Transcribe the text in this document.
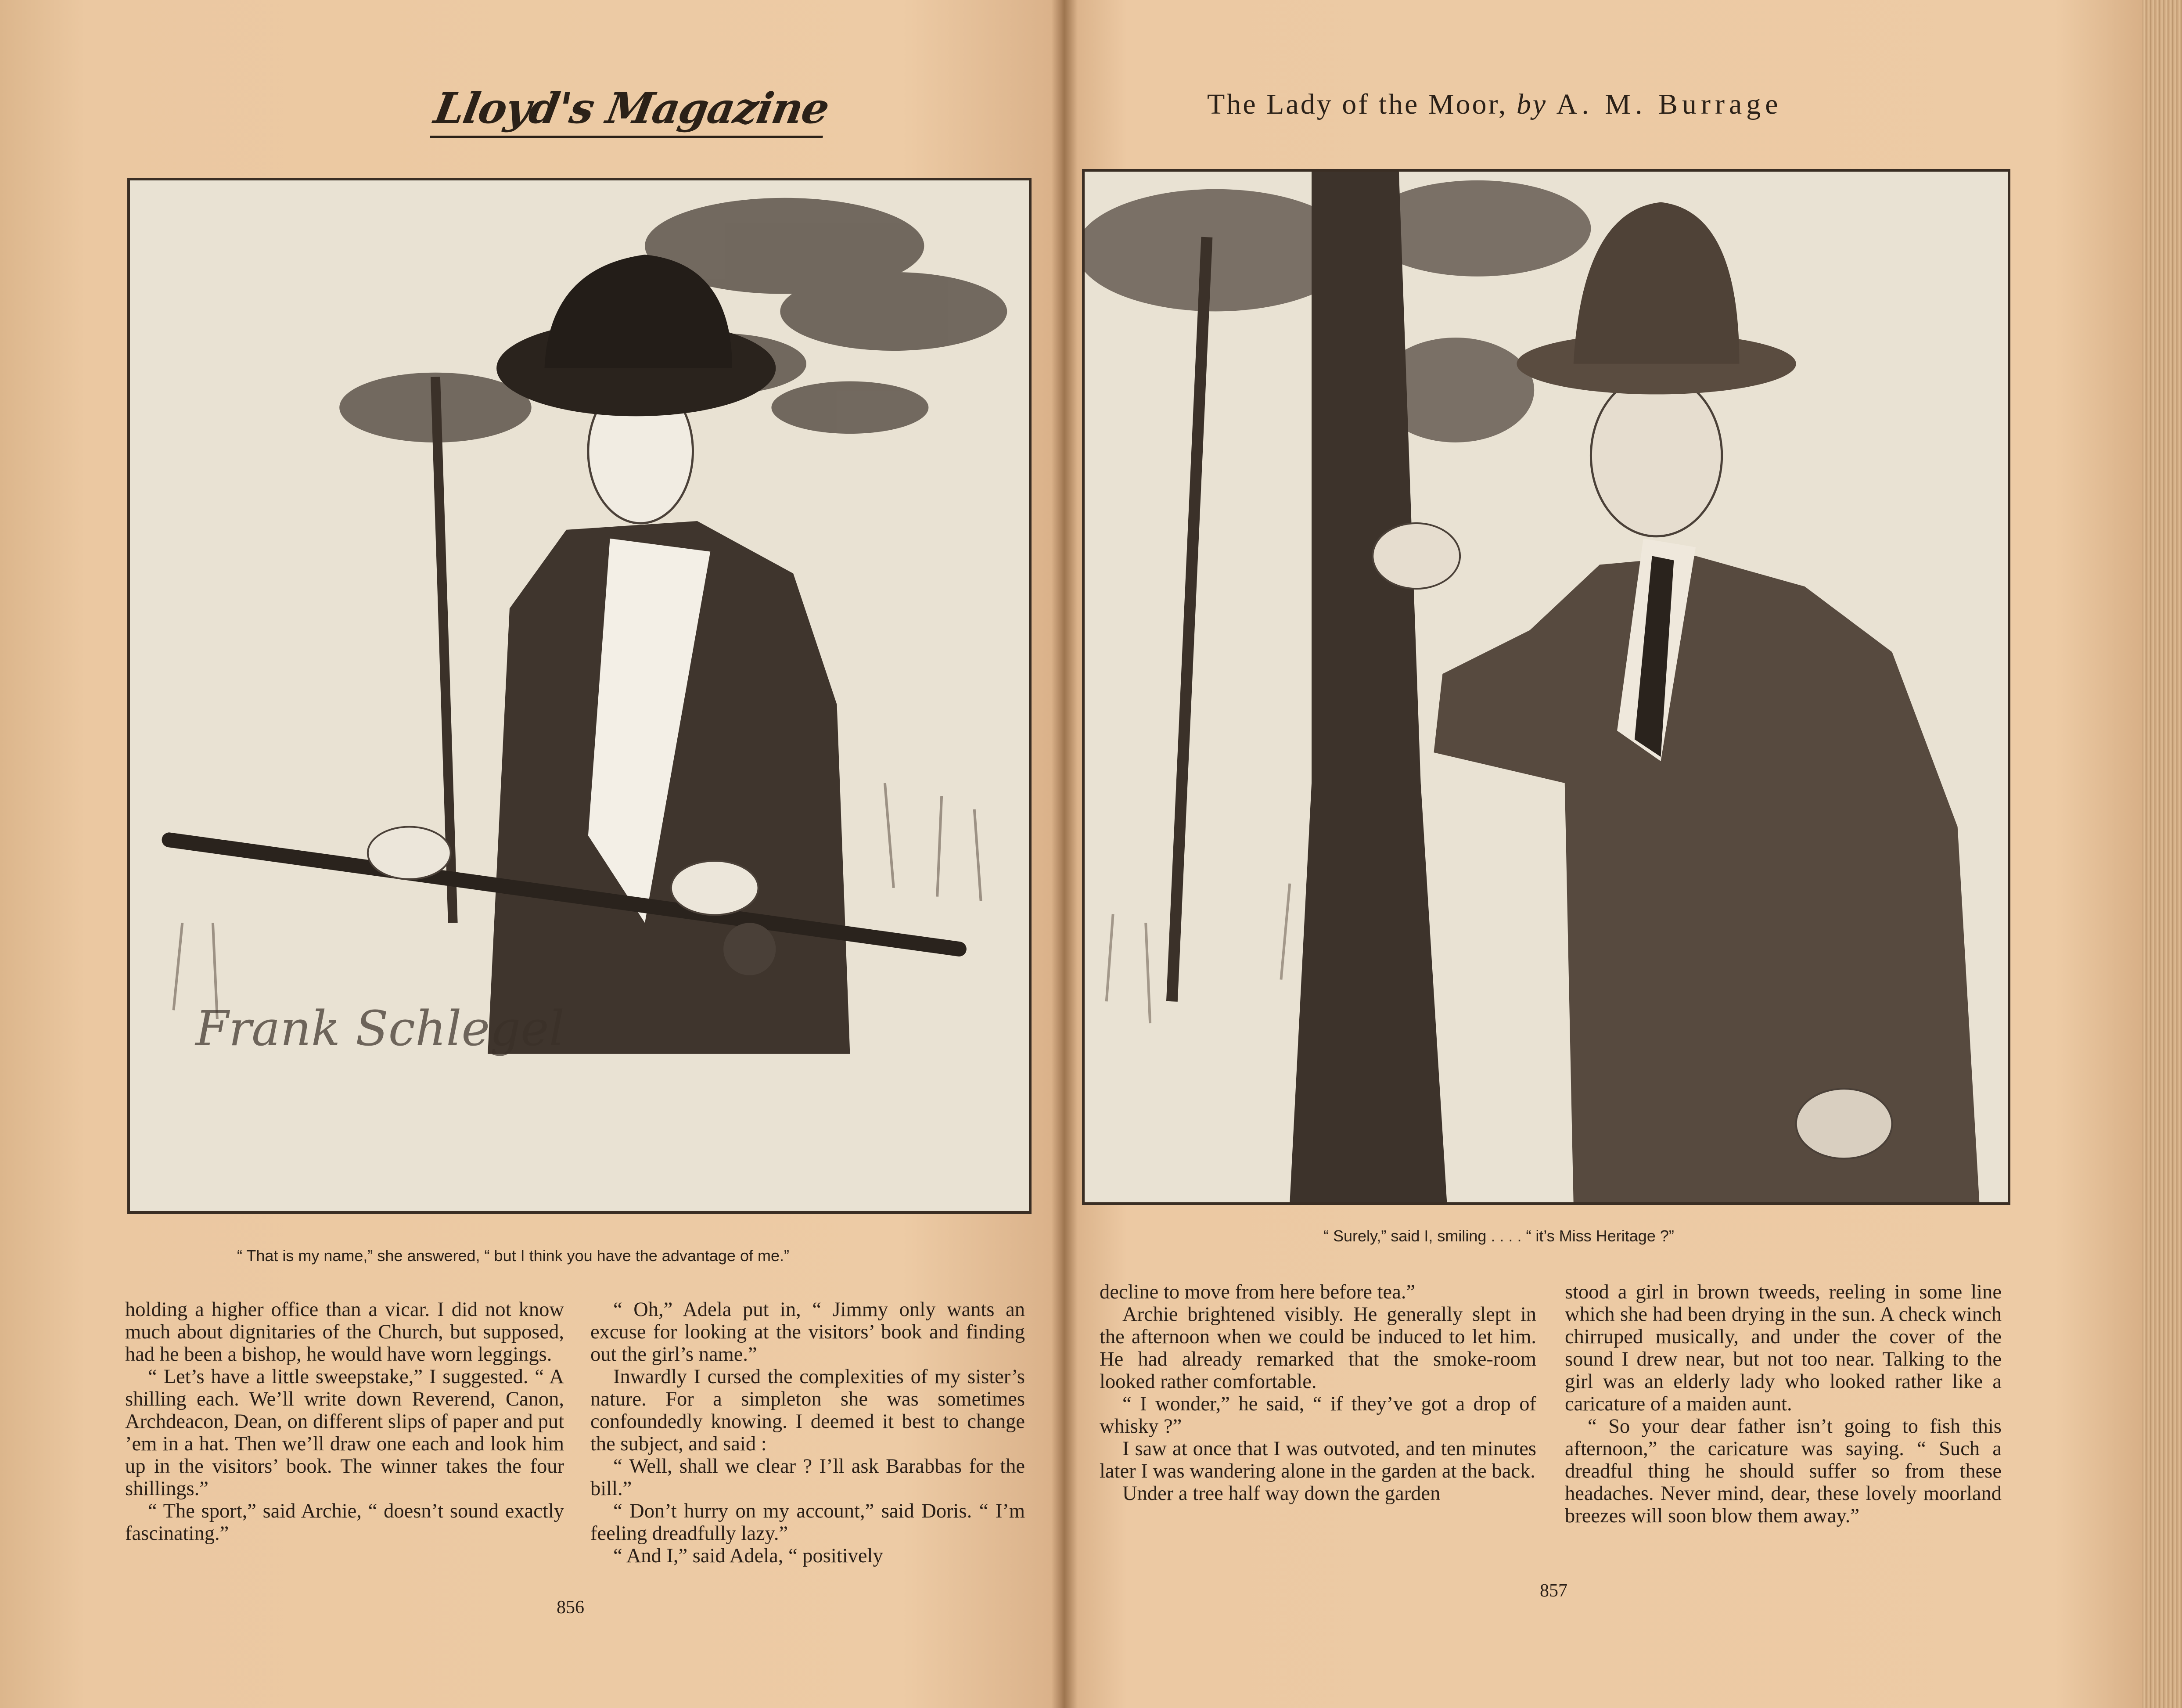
Lloyd's Magazine	The Lady of the Moor, by A. M. Burrage
Frank Schlegel
“ That is my name,” she answered, “ but I think you have the advantage of me.”
“ Surely,” said I, smiling . . . . “ it’s Miss Heritage ?”

holding a higher office than a vicar. I did not know much about dignitaries of the Church, but supposed, had he been a bishop, he would have worn leggings.

“ Let’s have a little sweepstake,” I suggested. “ A shilling each. We’ll write down Reverend, Canon, Archdeacon, Dean, on different slips of paper and put ’em in a hat. Then we’ll draw one each and look him up in the visitors’ book. The winner takes the four shillings.”

“ The sport,” said Archie, “ doesn’t sound exactly fascinating.”

“ Oh,” Adela put in, “ Jimmy only wants an excuse for looking at the visitors’ book and finding out the girl’s name.”

Inwardly I cursed the complexities of my sister’s nature. For a simpleton she was sometimes confoundedly knowing. I deemed it best to change the subject, and said :

“ Well, shall we clear ? I’ll ask Barabbas for the bill.”

“ Don’t hurry on my account,” said Doris. “ I’m feeling dreadfully lazy.”

“ And I,” said Adela, “ positively

decline to move from here before tea.”

Archie brightened visibly. He generally slept in the afternoon when we could be induced to let him. He had already remarked that the smoke-room looked rather comfortable.

“ I wonder,” he said, “ if they’ve got a drop of whisky ?”

I saw at once that I was outvoted, and ten minutes later I was wandering alone in the garden at the back.

Under a tree half way down the garden

stood a girl in brown tweeds, reeling in some line which she had been drying in the sun. A check winch chirruped musically, and under the cover of the sound I drew near, but not too near. Talking to the girl was an elderly lady who looked rather like a caricature of a maiden aunt.

“ So your dear father isn’t going to fish this afternoon,” the caricature was saying. “ Such a dreadful thing he should suffer so from these headaches. Never mind, dear, these lovely moorland breezes will soon blow them away.”

856
857
